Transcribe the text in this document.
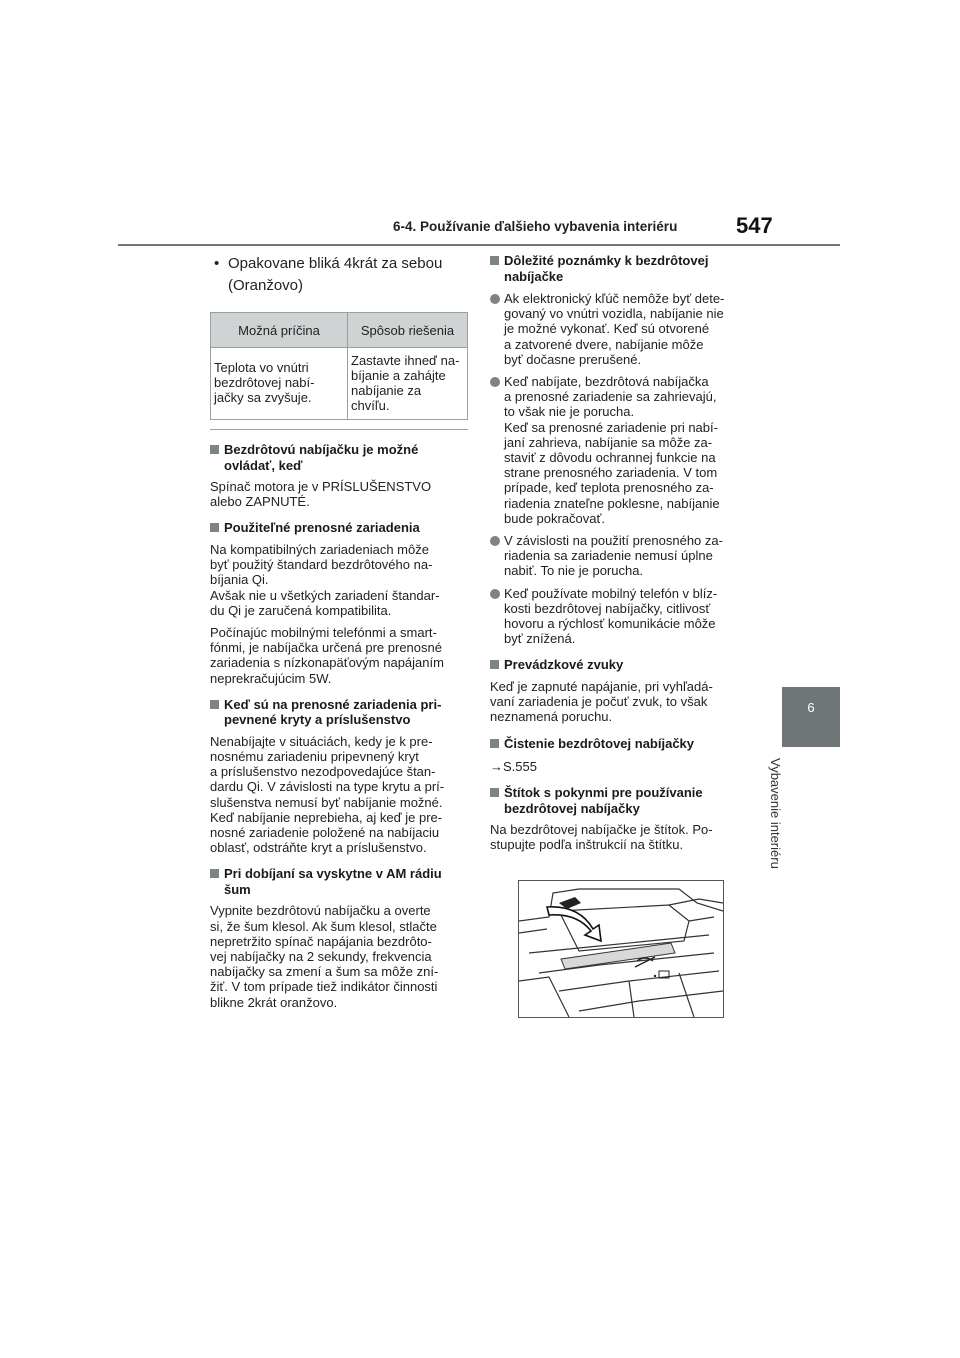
6-4. Používanie ďalšieho vybavenia interiéru	547
6
Vybavenie interiéru

• Opakovane bliká 4krát za sebou
(Oranžovo)

Možná príčina	Spôsob riešenia
Teplota vo vnútri
bezdrôtovej nabí-
jačky sa zvyšuje.	Zastavte ihneď na-
bíjanie a zahájte
nabíjanie za
chvíľu.

Bezdrôtovú nabíjačku je možné
ovládať, keď

Spínač motora je v PRÍSLUŠENSTVO
alebo ZAPNUTÉ.

Použiteľné prenosné zariadenia

Na kompatibilných zariadeniach môže
byť použitý štandard bezdrôtového na-
bíjania Qi.
Avšak nie u všetkých zariadení štandar-
du Qi je zaručená kompatibilita.

Počínajúc mobilnými telefónmi a smart-
fónmi, je nabíjačka určená pre prenosné
zariadenia s nízkonapäťovým napájaním
neprekračujúcim 5W.

Keď sú na prenosné zariadenia pri-
pevnené kryty a príslušenstvo

Nenabíjajte v situáciách, kedy je k pre-
nosnému zariadeniu pripevnený kryt
a príslušenstvo nezodpovedajúce štan-
dardu Qi. V závislosti na type krytu a prí-
slušenstva nemusí byť nabíjanie možné.
Keď nabíjanie neprebieha, aj keď je pre-
nosné zariadenie položené na nabíjaciu
oblasť, odstráňte kryt a príslušenstvo.

Pri dobíjaní sa vyskytne v AM rádiu
šum

Vypnite bezdrôtovú nabíjačku a overte
si, že šum klesol. Ak šum klesol, stlačte
nepretržito spínač napájania bezdrôto-
vej nabíjačky na 2 sekundy, frekvencia
nabíjačky sa zmení a šum sa môže zní-
žiť. V tom prípade tiež indikátor činnosti
blikne 2krát oranžovo.

Dôležité poznámky k bezdrôtovej
nabíjačke

Ak elektronický kľúč nemôže byť dete-
govaný vo vnútri vozidla, nabíjanie nie
je možné vykonať. Keď sú otvorené
a zatvorené dvere, nabíjanie môže
byť dočasne prerušené.

Keď nabíjate, bezdrôtová nabíjačka
a prenosné zariadenie sa zahrievajú,
to však nie je porucha.
Keď sa prenosné zariadenie pri nabí-
janí zahrieva, nabíjanie sa môže za-
staviť z dôvodu ochrannej funkcie na
strane prenosného zariadenia. V tom
prípade, keď teplota prenosného za-
riadenia znateľne poklesne, nabíjanie
bude pokračovať.

V závislosti na použití prenosného za-
riadenia sa zariadenie nemusí úplne
nabiť. To nie je porucha.

Keď používate mobilný telefón v blíz-
kosti bezdrôtovej nabíjačky, citlivosť
hovoru a rýchlosť komunikácie môže
byť znížená.

Prevádzkové zvuky

Keď je zapnuté napájanie, pri vyhľadá-
vaní zariadenia je počuť zvuk, to však
neznamená poruchu.

Čistenie bezdrôtovej nabíjačky

→S.555

Štítok s pokynmi pre používanie
bezdrôtovej nabíjačky

Na bezdrôtovej nabíjačke je štítok. Po-
stupujte podľa inštrukcií na štítku.
